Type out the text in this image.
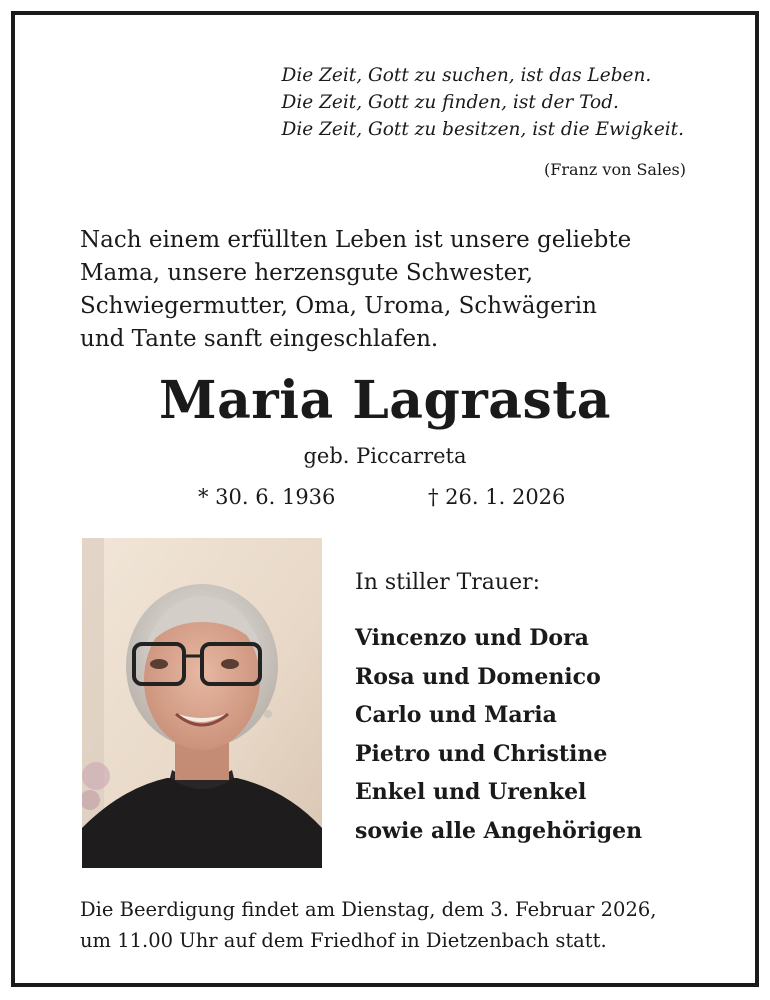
Die Zeit, Gott zu suchen, ist das Leben.
Die Zeit, Gott zu finden, ist der Tod.
Die Zeit, Gott zu besitzen, ist die Ewigkeit.
(Franz von Sales)
Nach einem erfüllten Leben ist unsere geliebte
Mama, unsere herzensgute Schwester,
Schwiegermutter, Oma, Uroma, Schwägerin
und Tante sanft eingeschlafen.
Maria Lagrasta
geb. Piccarreta
* 30. 6. 1936	† 26. 1. 2026
In stiller Trauer:
Vincenzo und Dora
Rosa und Domenico
Carlo und Maria
Pietro und Christine
Enkel und Urenkel
sowie alle Angehörigen
Die Beerdigung findet am Dienstag, dem 3. Februar 2026,
um 11.00 Uhr auf dem Friedhof in Dietzenbach statt.
